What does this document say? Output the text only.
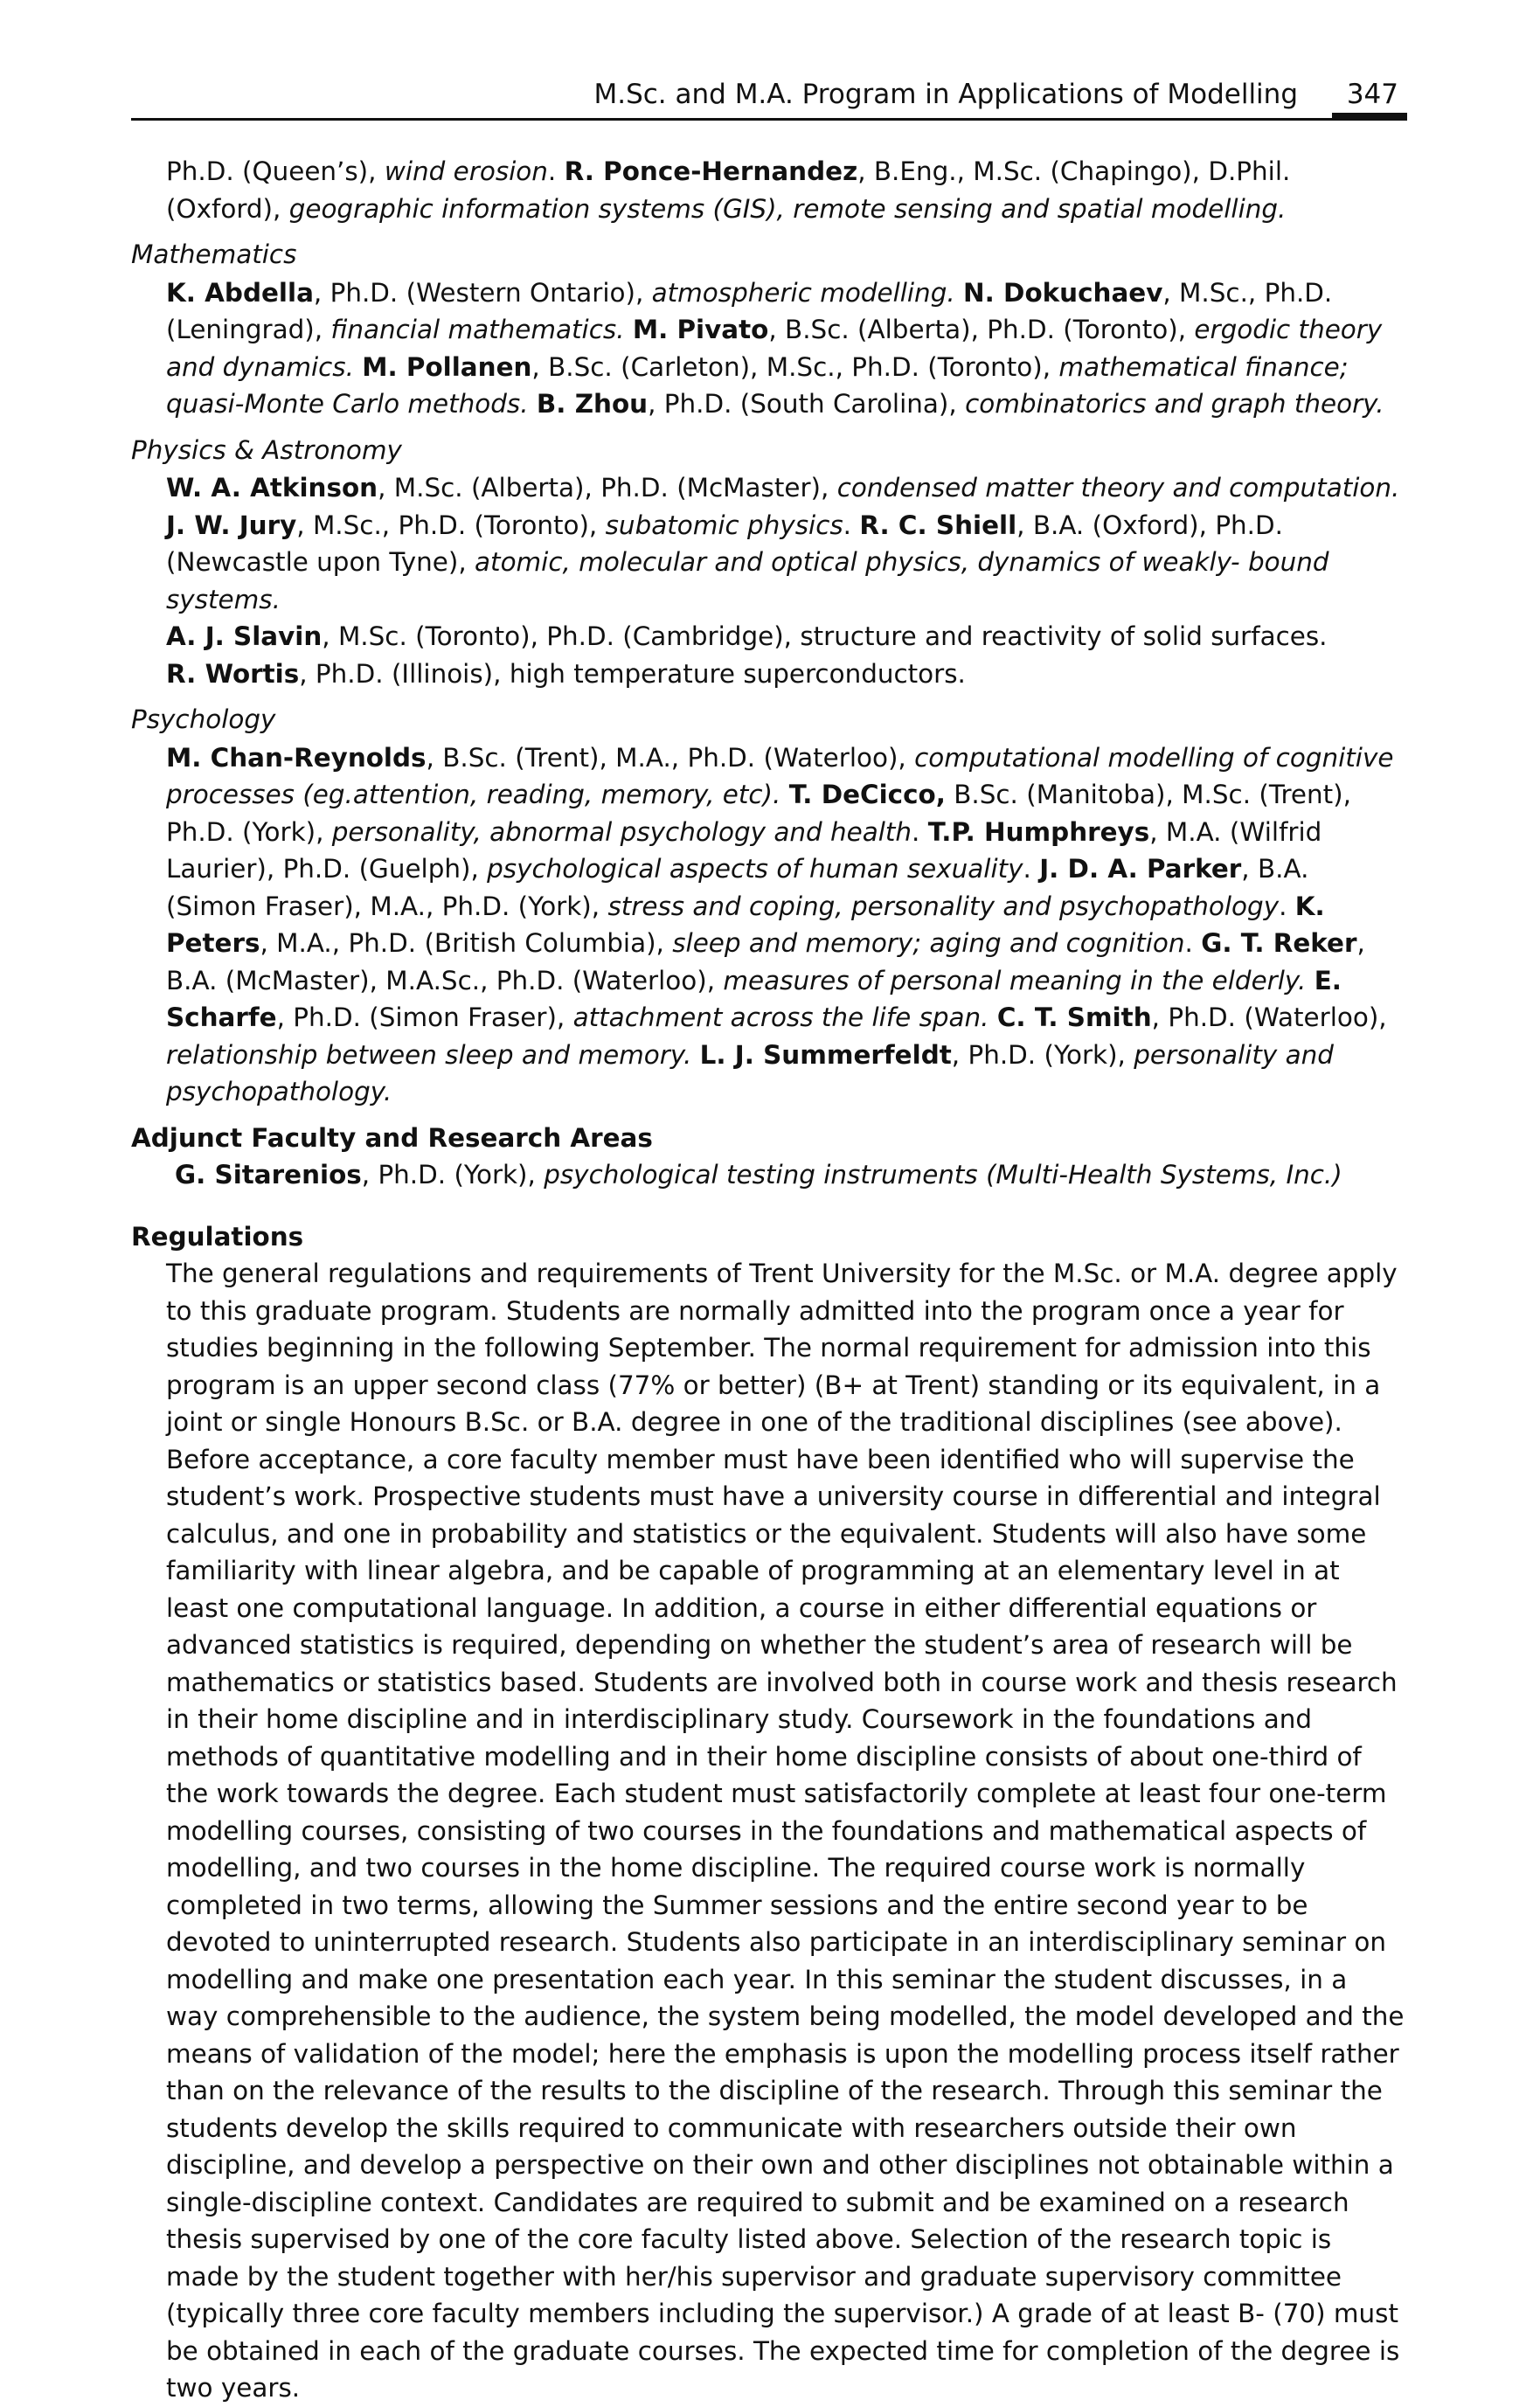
M.Sc. and M.A. Program in Applications of Modelling 347

Ph.D. (Queen’s), wind erosion. R. Ponce-Hernandez, B.Eng., M.Sc. (Chapingo), D.Phil. (Oxford), geographic information systems (GIS), remote sensing and spatial modelling.

Mathematics

K. Abdella, Ph.D. (Western Ontario), atmospheric modelling. N. Dokuchaev, M.Sc., Ph.D. (Leningrad), financial mathematics. M. Pivato, B.Sc. (Alberta), Ph.D. (Toronto), ergodic theory and dynamics. M. Pollanen, B.Sc. (Carleton), M.Sc., Ph.D. (Toronto), mathematical finance; quasi-Monte Carlo methods. B. Zhou, Ph.D. (South Carolina), combinatorics and graph theory.

Physics & Astronomy

W. A. Atkinson, M.Sc. (Alberta), Ph.D. (McMaster), condensed matter theory and computation.

J. W. Jury, M.Sc., Ph.D. (Toronto), subatomic physics. R. C. Shiell, B.A. (Oxford), Ph.D. (Newcastle upon Tyne), atomic, molecular and optical physics, dynamics of weakly- bound systems.

A. J. Slavin, M.Sc. (Toronto), Ph.D. (Cambridge), structure and reactivity of solid surfaces.

R. Wortis, Ph.D. (Illinois), high temperature superconductors.

Psychology

M. Chan-Reynolds, B.Sc. (Trent), M.A., Ph.D. (Waterloo), computational modelling of cognitive processes (eg.attention, reading, memory, etc). T. DeCicco, B.Sc. (Manitoba), M.Sc. (Trent), Ph.D. (York), personality, abnormal psychology and health. T.P. Humphreys, M.A. (Wilfrid Laurier), Ph.D. (Guelph), psychological aspects of human sexuality. J. D. A. Parker, B.A. (Simon Fraser), M.A., Ph.D. (York), stress and coping, personality and psychopathology. K. Peters, M.A., Ph.D. (British Columbia), sleep and memory; aging and cognition. G. T. Reker, B.A. (McMaster), M.A.Sc., Ph.D. (Waterloo), measures of personal meaning in the elderly. E. Scharfe, Ph.D. (Simon Fraser), attachment across the life span. C. T. Smith, Ph.D. (Waterloo), relationship between sleep and memory. L. J. Summerfeldt, Ph.D. (York), personality and psychopathology.

Adjunct Faculty and Research Areas

G. Sitarenios, Ph.D. (York), psychological testing instruments (Multi-Health Systems, Inc.)

Regulations

The general regulations and requirements of Trent University for the M.Sc. or M.A. degree apply to this graduate program. Students are normally admitted into the program once a year for studies beginning in the following September. The normal requirement for admission into this program is an upper second class (77% or better) (B+ at Trent) standing or its equivalent, in a joint or single Honours B.Sc. or B.A. degree in one of the traditional disciplines (see above). Before acceptance, a core faculty member must have been identified who will supervise the student’s work. Prospective students must have a university course in differential and integral calculus, and one in probability and statistics or the equivalent. Students will also have some familiarity with linear algebra, and be capable of programming at an elementary level in at least one computational language. In addition, a course in either differential equations or advanced statistics is required, depending on whether the student’s area of research will be mathematics or statistics based. Students are involved both in course work and thesis research in their home discipline and in interdisciplinary study. Coursework in the foundations and methods of quantitative modelling and in their home discipline consists of about one-third of the work towards the degree. Each student must satisfactorily complete at least four one-term modelling courses, consisting of two courses in the foundations and mathematical aspects of modelling, and two courses in the home discipline. The required course work is normally completed in two terms, allowing the Summer sessions and the entire second year to be devoted to uninterrupted research. Students also participate in an interdisciplinary seminar on modelling and make one presentation each year. In this seminar the student discusses, in a way comprehensible to the audience, the system being modelled, the model developed and the means of validation of the model; here the emphasis is upon the modelling process itself rather than on the relevance of the results to the discipline of the research. Through this seminar the students develop the skills required to communicate with researchers outside their own discipline, and develop a perspective on their own and other disciplines not obtainable within a single-discipline context. Candidates are required to submit and be examined on a research thesis supervised by one of the core faculty listed above. Selection of the research topic is made by the student together with her/his supervisor and graduate supervisory committee (typically three core faculty members including the supervisor.) A grade of at least B- (70) must be obtained in each of the graduate courses. The expected time for completion of the degree is two years.
